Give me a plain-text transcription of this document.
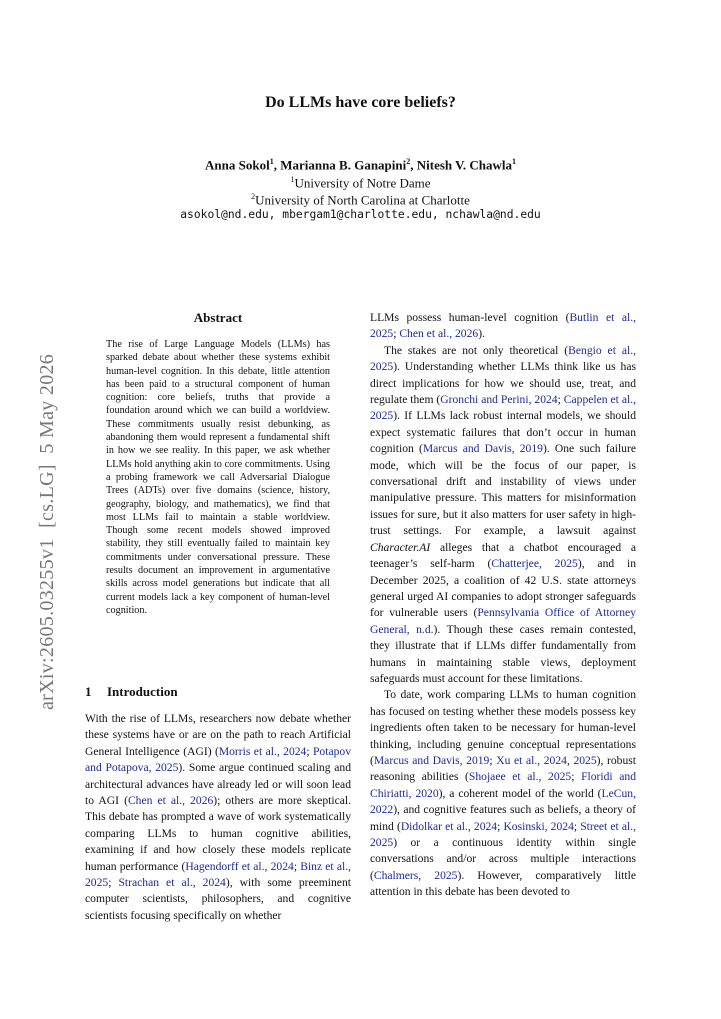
Do LLMs have core beliefs?
Anna Sokol$^1$, Marianna B. Ganapini$^2$, Nitesh V. Chawla$^1$
$^1$University of Notre Dame
$^2$University of North Carolina at Charlotte
asokol@nd.edu, mbergam1@charlotte.edu, nchawla@nd.edu
arXiv:2605.03255v1  [cs.LG]  5 May 2026
Abstract

The rise of Large Language Models (LLMs) has sparked debate about whether these systems exhibit human-level cognition. In this debate, little attention has been paid to a structural component of human cognition: core beliefs, truths that provide a foundation around which we can build a worldview. These commitments usually resist debunking, as abandoning them would represent a fundamental shift in how we see reality. In this paper, we ask whether LLMs hold anything akin to core commitments. Using a probing framework we call Adversarial Dialogue Trees (ADTs) over five domains (science, history, geography, biology, and mathematics), we find that most LLMs fail to maintain a stable worldview. Though some recent models showed improved stability, they still eventually failed to maintain key commitments under conversational pressure. These results document an improvement in argumentative skills across model generations but indicate that all current models lack a key component of human-level cognition.

1 Introduction

With the rise of LLMs, researchers now debate whether these systems have or are on the path to reach Artificial General Intelligence (AGI) (Morris et al., 2024; Potapov and Potapova, 2025). Some argue continued scaling and architectural advances have already led or will soon lead to AGI (Chen et al., 2026); others are more skeptical. This debate has prompted a wave of work systematically comparing LLMs to human cognitive abilities, examining if and how closely these models replicate human performance (Hagendorff et al., 2024; Binz et al., 2025; Strachan et al., 2024), with some preeminent computer scientists, philosophers, and cognitive scientists focusing specifically on whether

LLMs possess human-level cognition (Butlin et al., 2025; Chen et al., 2026).

The stakes are not only theoretical (Bengio et al., 2025). Understanding whether LLMs think like us has direct implications for how we should use, treat, and regulate them (Gronchi and Perini, 2024; Cappelen et al., 2025). If LLMs lack robust internal models, we should expect systematic failures that don’t occur in human cognition (Marcus and Davis, 2019). One such failure mode, which will be the focus of our paper, is conversational drift and instability of views under manipulative pressure. This matters for misinformation issues for sure, but it also matters for user safety in high-trust settings. For example, a lawsuit against Character.AI alleges that a chatbot encouraged a teenager’s self-harm (Chatterjee, 2025), and in December 2025, a coalition of 42 U.S. state attorneys general urged AI companies to adopt stronger safeguards for vulnerable users (Pennsylvania Office of Attorney General, n.d.). Though these cases remain contested, they illustrate that if LLMs differ fundamentally from humans in maintaining stable views, deployment safeguards must account for these limitations.

To date, work comparing LLMs to human cognition has focused on testing whether these models possess key ingredients often taken to be necessary for human-level thinking, including genuine conceptual representations (Marcus and Davis, 2019; Xu et al., 2024, 2025), robust reasoning abilities (Shojaee et al., 2025; Floridi and Chiriatti, 2020), a coherent model of the world (LeCun, 2022), and cognitive features such as beliefs, a theory of mind (Didolkar et al., 2024; Kosinski, 2024; Street et al., 2025) or a continuous identity within single conversations and/or across multiple interactions (Chalmers, 2025). However, comparatively little attention in this debate has been devoted to
